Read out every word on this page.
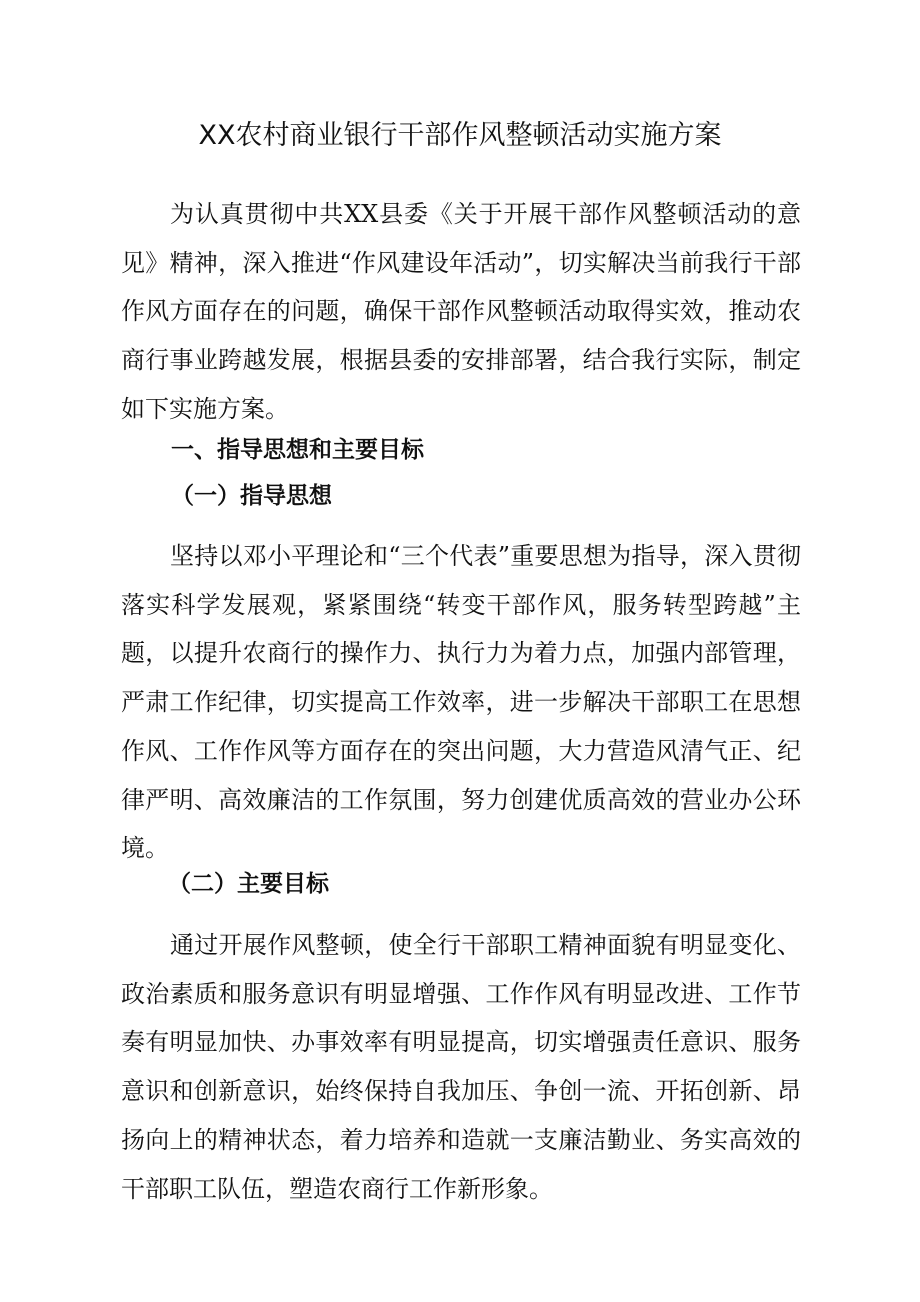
XX农村商业银行干部作风整顿活动实施方案

为认真贯彻中共XX县委《关于开展干部作风整顿活动的意见》精神，深入推进“作风建设年活动”，切实解决当前我行干部作风方面存在的问题，确保干部作风整顿活动取得实效，推动农商行事业跨越发展，根据县委的安排部署，结合我行实际，制定如下实施方案。

一、指导思想和主要目标
（一）指导思想

坚持以邓小平理论和“三个代表”重要思想为指导，深入贯彻落实科学发展观，紧紧围绕“转变干部作风，服务转型跨越”主题，以提升农商行的操作力、执行力为着力点，加强内部管理，严肃工作纪律，切实提高工作效率，进一步解决干部职工在思想作风、工作作风等方面存在的突出问题，大力营造风清气正、纪律严明、高效廉洁的工作氛围，努力创建优质高效的营业办公环境。

（二）主要目标

通过开展作风整顿，使全行干部职工精神面貌有明显变化、政治素质和服务意识有明显增强、工作作风有明显改进、工作节奏有明显加快、办事效率有明显提高，切实增强责任意识、服务意识和创新意识，始终保持自我加压、争创一流、开拓创新、昂扬向上的精神状态，着力培养和造就一支廉洁勤业、务实高效的干部职工队伍，塑造农商行工作新形象。
